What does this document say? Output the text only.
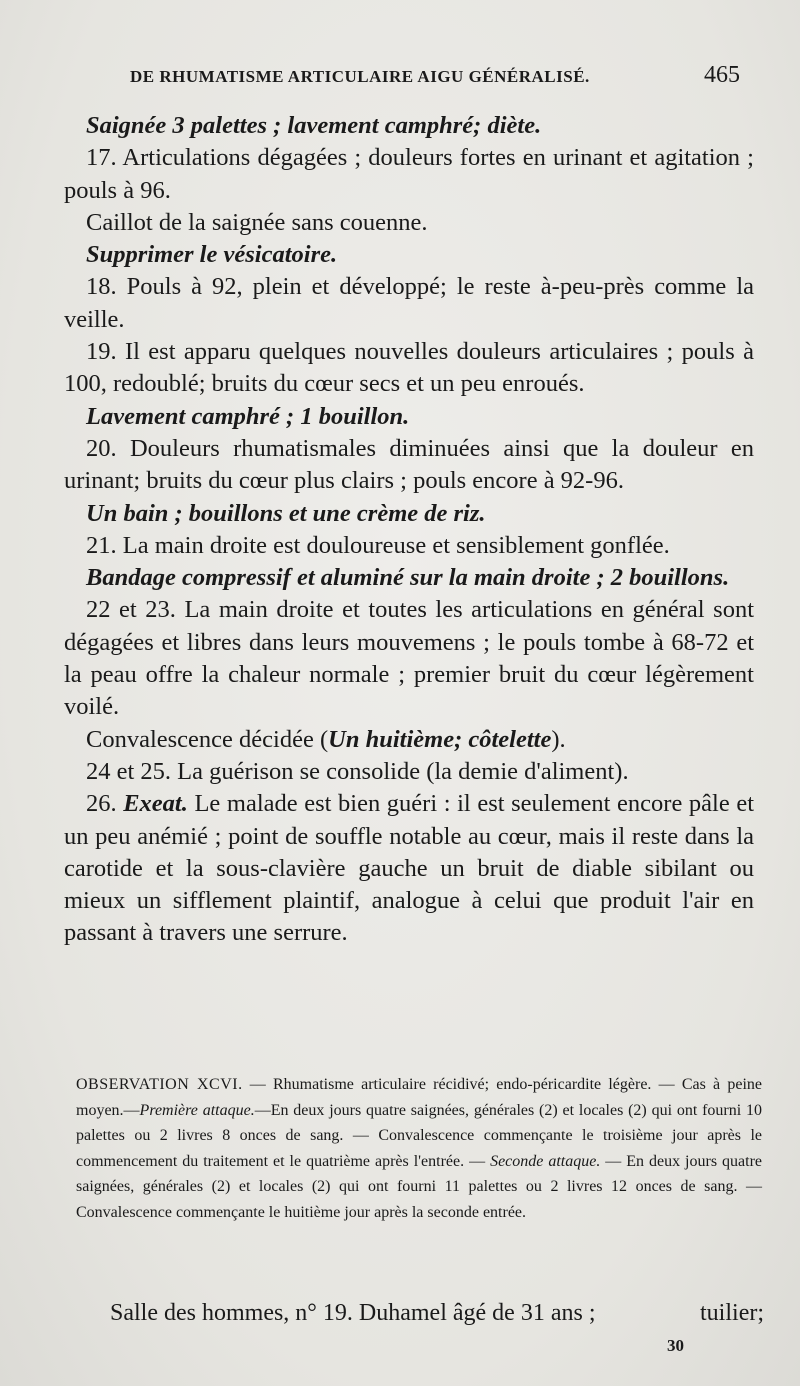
DE RHUMATISME ARTICULAIRE AIGU GÉNÉRALISÉ.	465

Saignée 3 palettes ; lavement camphré; diète.

17. Articulations dégagées ; douleurs fortes en urinant et agitation ; pouls à 96.

Caillot de la saignée sans couenne.

Supprimer le vésicatoire.

18. Pouls à 92, plein et développé; le reste à-peu-près comme la veille.

19. Il est apparu quelques nouvelles douleurs articulaires ; pouls à 100, redoublé; bruits du cœur secs et un peu enroués.

Lavement camphré ; 1 bouillon.

20. Douleurs rhumatismales diminuées ainsi que la douleur en urinant; bruits du cœur plus clairs ; pouls encore à 92-96.

Un bain ; bouillons et une crème de riz.

21. La main droite est douloureuse et sensiblement gonflée.

Bandage compressif et aluminé sur la main droite ; 2 bouillons.

22 et 23. La main droite et toutes les articulations en général sont dégagées et libres dans leurs mouvemens ; le pouls tombe à 68-72 et la peau offre la chaleur normale ; premier bruit du cœur légèrement voilé.

Convalescence décidée (Un huitième; côtelette).

24 et 25. La guérison se consolide (la demie d'aliment).

26. Exeat. Le malade est bien guéri : il est seulement encore pâle et un peu anémié ; point de souffle notable au cœur, mais il reste dans la carotide et la sous-clavière gauche un bruit de diable sibilant ou mieux un sifflement plaintif, analogue à celui que produit l'air en passant à travers une serrure.

OBSERVATION XCVI. — Rhumatisme articulaire récidivé; endo-péricardite légère. — Cas à peine moyen.—Première attaque.—En deux jours quatre saignées, générales (2) et locales (2) qui ont fourni 10 palettes ou 2 livres 8 onces de sang. — Convalescence commençante le troisième jour après le commencement du traitement et le quatrième après l'entrée. — Seconde attaque. — En deux jours quatre saignées, générales (2) et locales (2) qui ont fourni 11 palettes ou 2 livres 12 onces de sang. — Convalescence commençante le huitième jour après la seconde entrée.

Salle des hommes, n° 19. Duhamel âgé de 31 ans ;	tuilier;
30
